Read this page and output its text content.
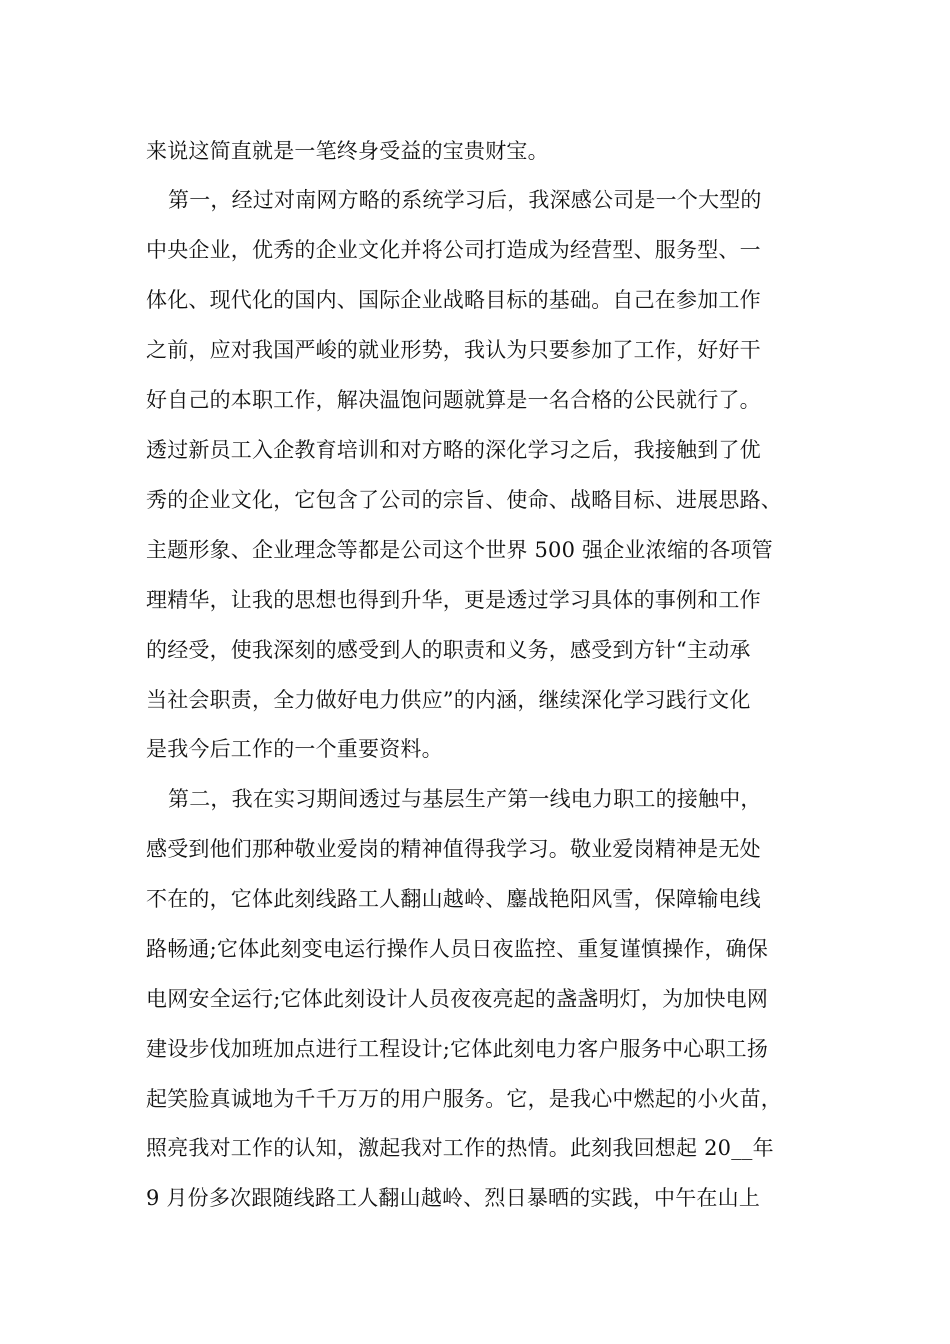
来说这简直就是一笔终身受益的宝贵财宝。
第一，经过对南网方略的系统学习后，我深感公司是一个大型的
中央企业，优秀的企业文化并将公司打造成为经营型、服务型、一
体化、现代化的国内、国际企业战略目标的基础。自己在参加工作
之前，应对我国严峻的就业形势，我认为只要参加了工作，好好干
好自己的本职工作，解决温饱问题就算是一名合格的公民就行了。
透过新员工入企教育培训和对方略的深化学习之后，我接触到了优
秀的企业文化，它包含了公司的宗旨、使命、战略目标、进展思路、
主题形象、企业理念等都是公司这个世界 500 强企业浓缩的各项管
理精华，让我的思想也得到升华，更是透过学习具体的事例和工作
的经受，使我深刻的感受到人的职责和义务，感受到方针“主动承
当社会职责，全力做好电力供应”的内涵，继续深化学习践行文化
是我今后工作的一个重要资料。
第二，我在实习期间透过与基层生产第一线电力职工的接触中，
感受到他们那种敬业爱岗的精神值得我学习。敬业爱岗精神是无处
不在的，它体此刻线路工人翻山越岭、鏖战艳阳风雪，保障输电线
路畅通;它体此刻变电运行操作人员日夜监控、重复谨慎操作，确保
电网安全运行;它体此刻设计人员夜夜亮起的盏盏明灯，为加快电网
建设步伐加班加点进行工程设计;它体此刻电力客户服务中心职工扬
起笑脸真诚地为千千万万的用户服务。它，是我心中燃起的小火苗，
照亮我对工作的认知，激起我对工作的热情。此刻我回想起 20__年
9 月份多次跟随线路工人翻山越岭、烈日暴晒的实践，中午在山上
